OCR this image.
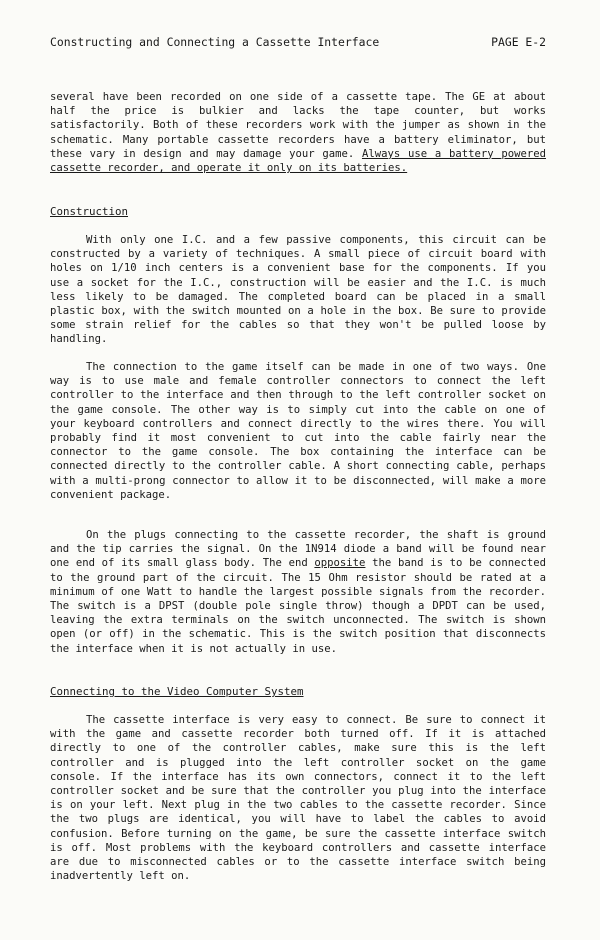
Constructing and Connecting a Cassette Interface	PAGE E-2

several have been recorded on one side of a cassette tape. The GE at about half the price is bulkier and lacks the tape counter, but works satisfactorily. Both of these recorders work with the jumper as shown in the schematic. Many portable cassette recorders have a battery eliminator, but these vary in design and may damage your game. Always use a battery powered cassette recorder, and operate it only on its batteries.

Construction

With only one I.C. and a few passive components, this circuit can be constructed by a variety of techniques. A small piece of circuit board with holes on 1/10 inch centers is a convenient base for the components. If you use a socket for the I.C., construction will be easier and the I.C. is much less likely to be damaged. The completed board can be placed in a small plastic box, with the switch mounted on a hole in the box. Be sure to provide some strain relief for the cables so that they won't be pulled loose by handling.

The connection to the game itself can be made in one of two ways. One way is to use male and female controller connectors to connect the left controller to the interface and then through to the left controller socket on the game console. The other way is to simply cut into the cable on one of your keyboard controllers and connect directly to the wires there. You will probably find it most convenient to cut into the cable fairly near the connector to the game console. The box containing the interface can be connected directly to the controller cable. A short connecting cable, perhaps with a multi-prong connector to allow it to be disconnected, will make a more convenient package.

On the plugs connecting to the cassette recorder, the shaft is ground and the tip carries the signal. On the 1N914 diode a band will be found near one end of its small glass body. The end opposite the band is to be connected to the ground part of the circuit. The 15 Ohm resistor should be rated at a minimum of one Watt to handle the largest possible signals from the recorder. The switch is a DPST (double pole single throw) though a DPDT can be used, leaving the extra terminals on the switch unconnected. The switch is shown open (or off) in the schematic. This is the switch position that disconnects the interface when it is not actually in use.

Connecting to the Video Computer System

The cassette interface is very easy to connect. Be sure to connect it with the game and cassette recorder both turned off. If it is attached directly to one of the controller cables, make sure this is the left controller and is plugged into the left controller socket on the game console. If the interface has its own connectors, connect it to the left controller socket and be sure that the controller you plug into the interface is on your left. Next plug in the two cables to the cassette recorder. Since the two plugs are identical, you will have to label the cables to avoid confusion. Before turning on the game, be sure the cassette interface switch is off. Most problems with the keyboard controllers and cassette interface are due to misconnected cables or to the cassette interface switch being inadvertently left on.
